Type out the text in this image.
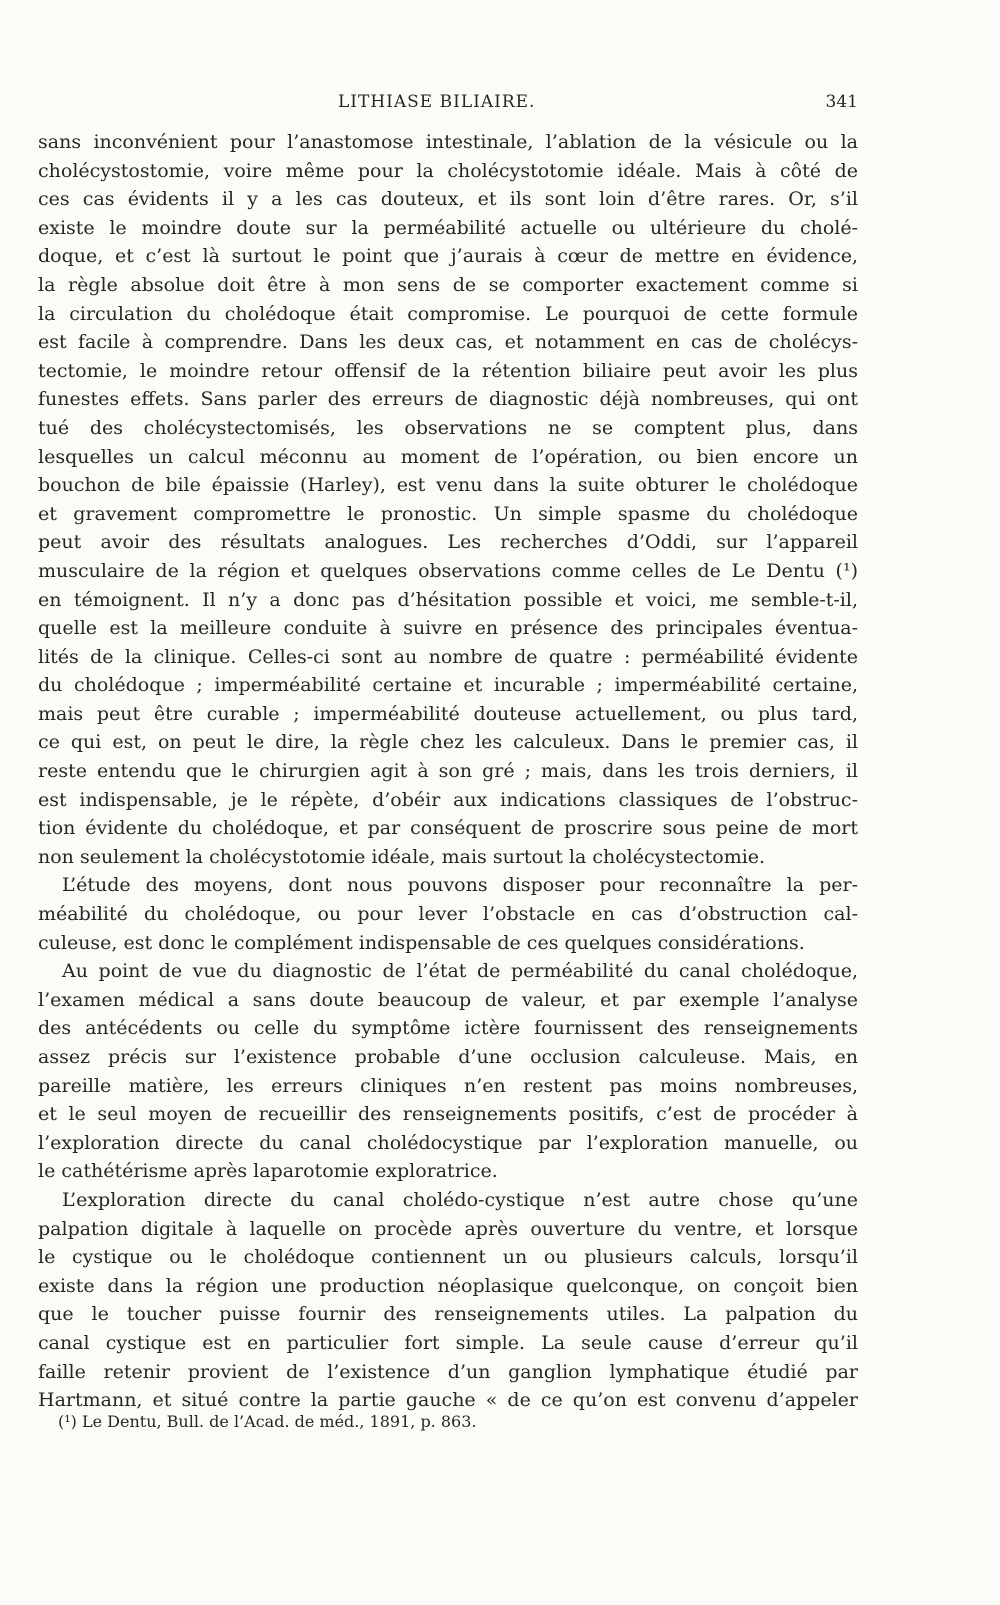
LITHIASE BILIAIRE.	341
sans inconvénient pour l’anastomose intestinale, l’ablation de la vésicule ou la
cholécystostomie, voire même pour la cholécystotomie idéale. Mais à côté de
ces cas évidents il y a les cas douteux, et ils sont loin d’être rares. Or, s’il
existe le moindre doute sur la perméabilité actuelle ou ultérieure du cholé-
doque, et c’est là surtout le point que j’aurais à cœur de mettre en évidence,
la règle absolue doit être à mon sens de se comporter exactement comme si
la circulation du cholédoque était compromise. Le pourquoi de cette formule
est facile à comprendre. Dans les deux cas, et notamment en cas de cholécys-
tectomie, le moindre retour offensif de la rétention biliaire peut avoir les plus
funestes effets. Sans parler des erreurs de diagnostic déjà nombreuses, qui ont
tué des cholécystectomisés, les observations ne se comptent plus, dans
lesquelles un calcul méconnu au moment de l’opération, ou bien encore un
bouchon de bile épaissie (Harley), est venu dans la suite obturer le cholédoque
et gravement compromettre le pronostic. Un simple spasme du cholédoque
peut avoir des résultats analogues. Les recherches d’Oddi, sur l’appareil
musculaire de la région et quelques observations comme celles de Le Dentu (¹)
en témoignent. Il n’y a donc pas d’hésitation possible et voici, me semble-t-il,
quelle est la meilleure conduite à suivre en présence des principales éventua-
lités de la clinique. Celles-ci sont au nombre de quatre : perméabilité évidente
du cholédoque ; imperméabilité certaine et incurable ; imperméabilité certaine,
mais peut être curable ; imperméabilité douteuse actuellement, ou plus tard,
ce qui est, on peut le dire, la règle chez les calculeux. Dans le premier cas, il
reste entendu que le chirurgien agit à son gré ; mais, dans les trois derniers, il
est indispensable, je le répète, d’obéir aux indications classiques de l’obstruc-
tion évidente du cholédoque, et par conséquent de proscrire sous peine de mort
non seulement la cholécystotomie idéale, mais surtout la cholécystectomie.
L’étude des moyens, dont nous pouvons disposer pour reconnaître la per-
méabilité du cholédoque, ou pour lever l’obstacle en cas d’obstruction cal-
culeuse, est donc le complément indispensable de ces quelques considérations.
Au point de vue du diagnostic de l’état de perméabilité du canal cholédoque,
l’examen médical a sans doute beaucoup de valeur, et par exemple l’analyse
des antécédents ou celle du symptôme ictère fournissent des renseignements
assez précis sur l’existence probable d’une occlusion calculeuse. Mais, en
pareille matière, les erreurs cliniques n’en restent pas moins nombreuses,
et le seul moyen de recueillir des renseignements positifs, c’est de procéder à
l’exploration directe du canal cholédocystique par l’exploration manuelle, ou
le cathétérisme après laparotomie exploratrice.
L’exploration directe du canal cholédo-cystique n’est autre chose qu’une
palpation digitale à laquelle on procède après ouverture du ventre, et lorsque
le cystique ou le cholédoque contiennent un ou plusieurs calculs, lorsqu’il
existe dans la région une production néoplasique quelconque, on conçoit bien
que le toucher puisse fournir des renseignements utiles. La palpation du
canal cystique est en particulier fort simple. La seule cause d’erreur qu’il
faille retenir provient de l’existence d’un ganglion lymphatique étudié par
Hartmann, et situé contre la partie gauche « de ce qu’on est convenu d’appeler
(¹) Le Dentu, Bull. de l’Acad. de méd., 1891, p. 863.
